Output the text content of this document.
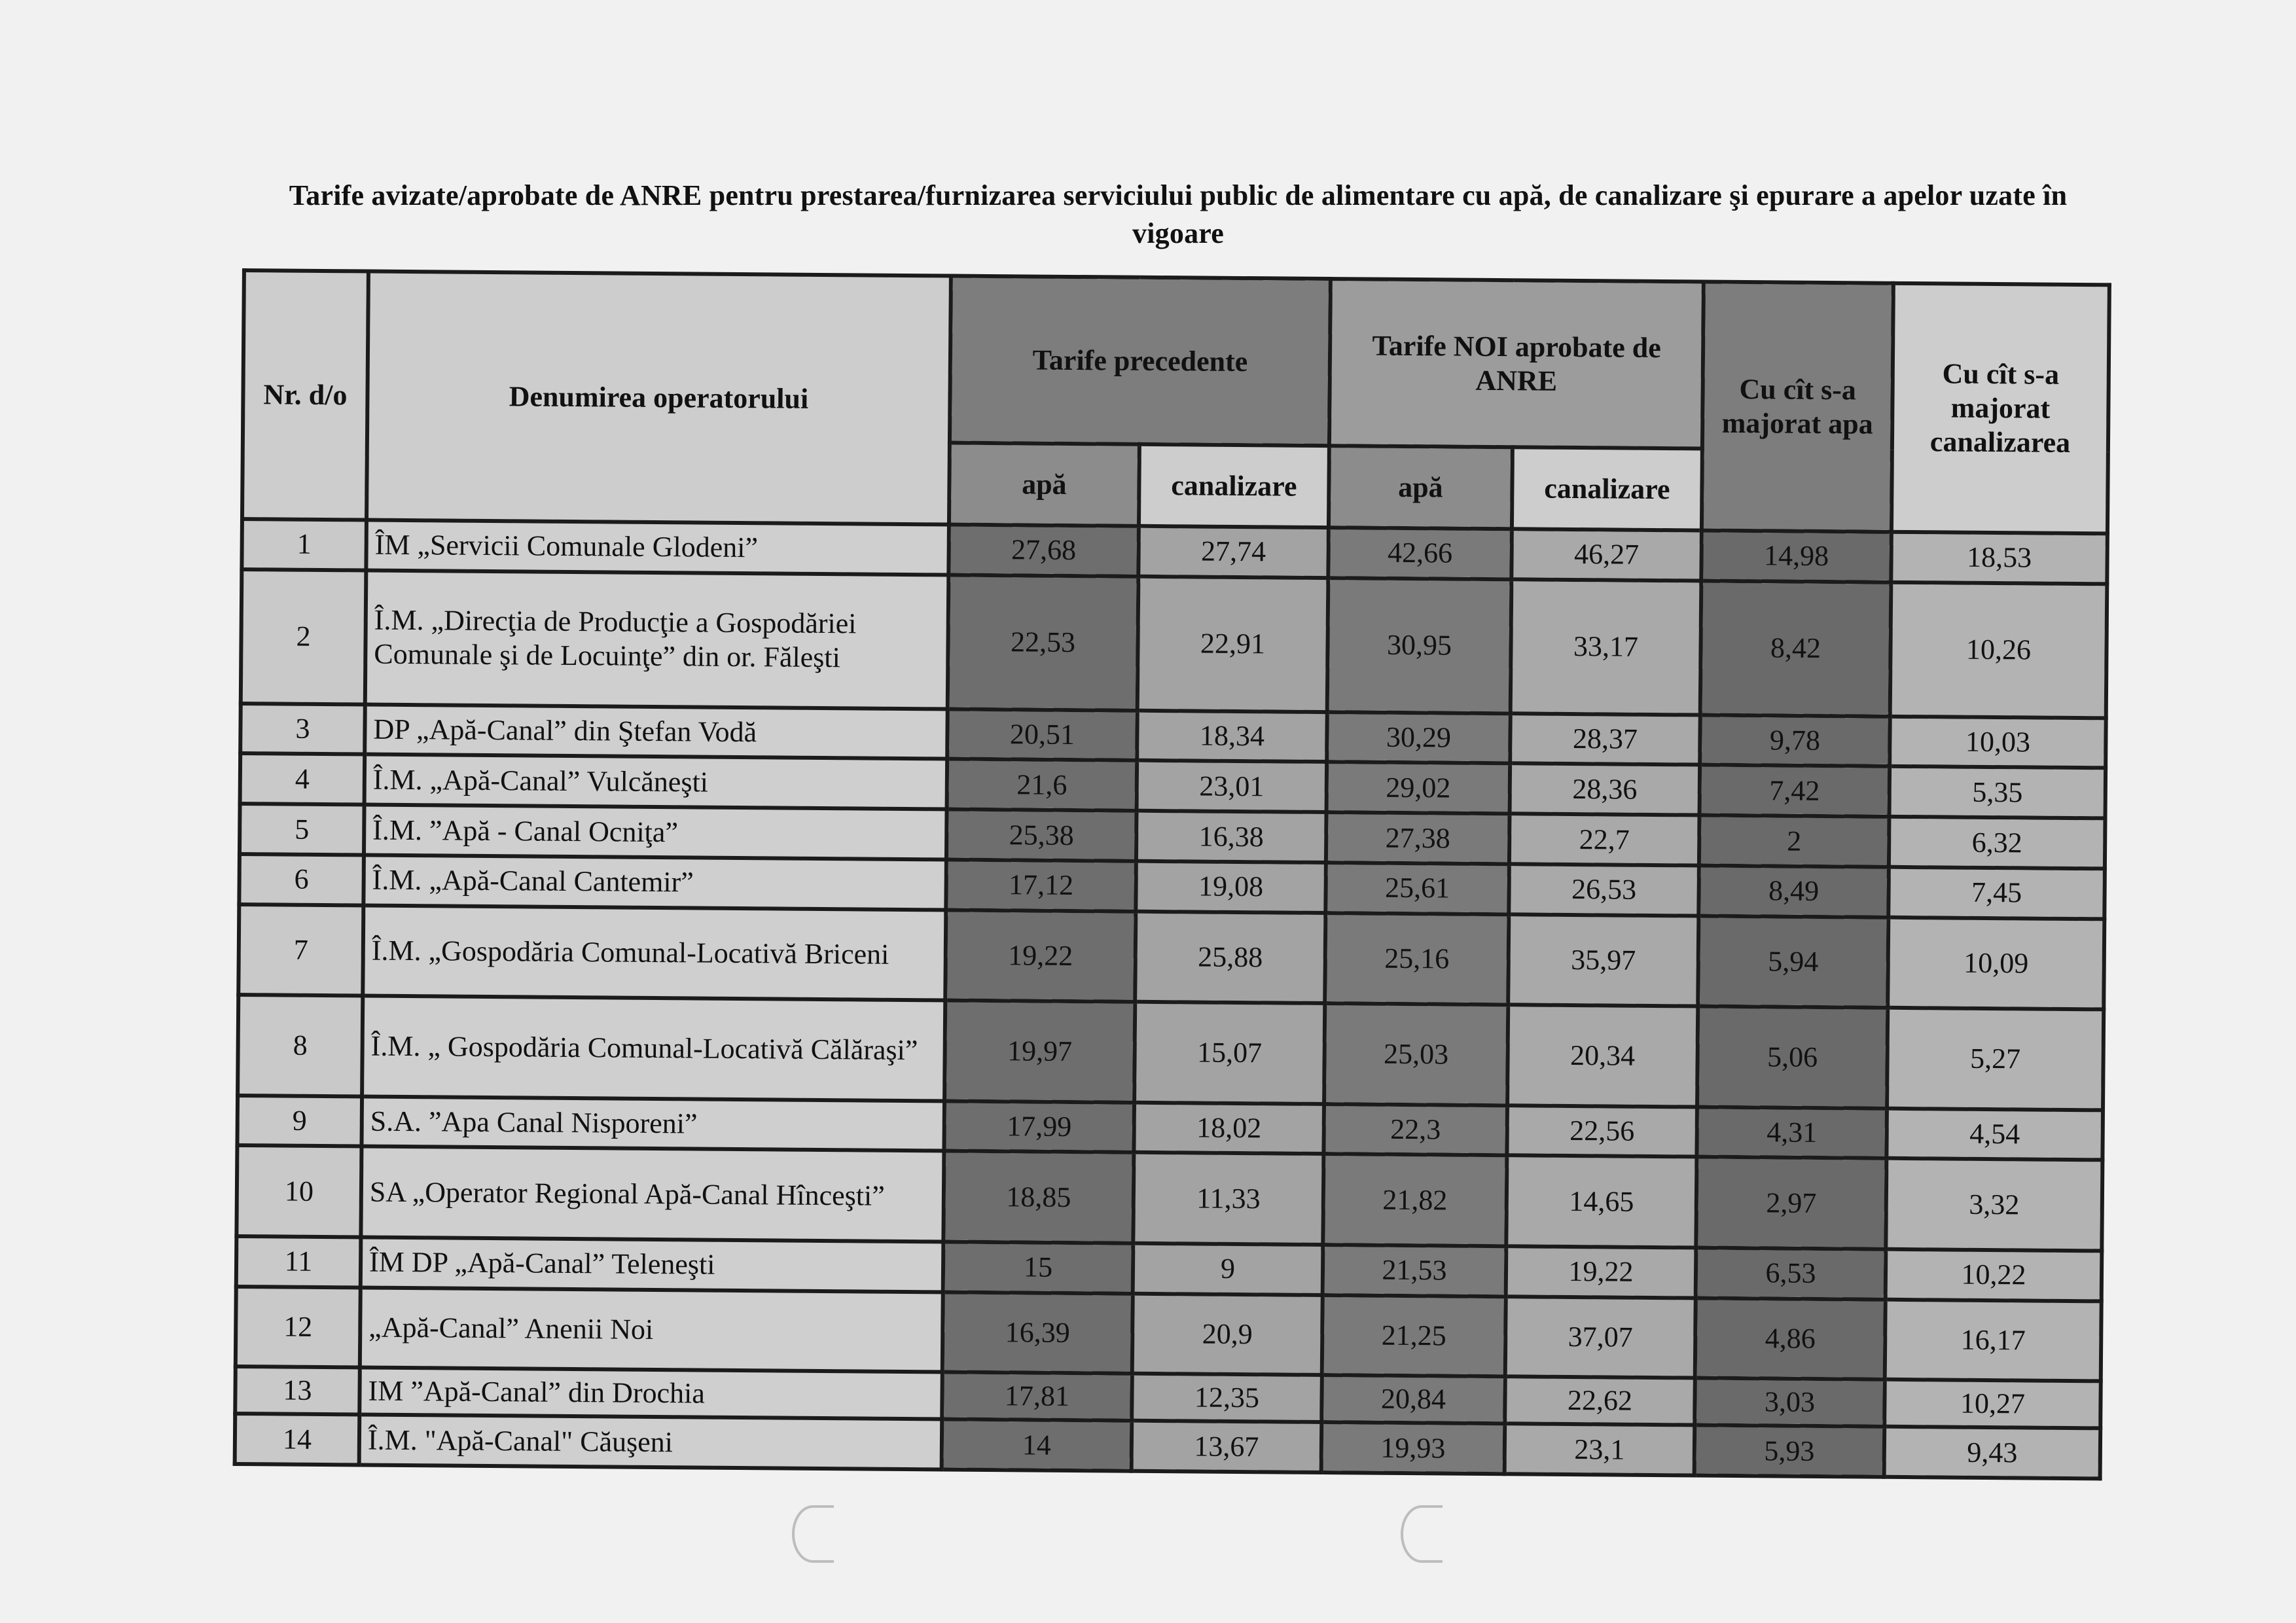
Tarife avizate/aprobate de ANRE pentru prestarea/furnizarea serviciului public de alimentare cu apă, de canalizare şi epurare a apelor uzate în vigoare
Nr. d/o	Denumirea operatorului	Tarife precedente		Tarife NOI aprobate de ANRE		Cu cît s-a majorat apa	Cu cît s-a majorat canalizarea
		apă	canalizare	apă	canalizare		
1	ÎM „Servicii Comunale Glodeni”	27,68	27,74	42,66	46,27	14,98	18,53
2	Î.M. „Direcţia de Producţie a Gospodăriei Comunale şi de Locuinţe” din or. Făleşti	22,53	22,91	30,95	33,17	8,42	10,26
3	DP „Apă-Canal” din Ştefan Vodă	20,51	18,34	30,29	28,37	9,78	10,03
4	Î.M. „Apă-Canal” Vulcăneşti	21,6	23,01	29,02	28,36	7,42	5,35
5	Î.M. ”Apă - Canal Ocniţa”	25,38	16,38	27,38	22,7	2	6,32
6	Î.M. „Apă-Canal Cantemir”	17,12	19,08	25,61	26,53	8,49	7,45
7	Î.M. „Gospodăria Comunal-Locativă Briceni	19,22	25,88	25,16	35,97	5,94	10,09
8	Î.M. „ Gospodăria Comunal-Locativă Călăraşi”	19,97	15,07	25,03	20,34	5,06	5,27
9	S.A. ”Apa Canal Nisporeni”	17,99	18,02	22,3	22,56	4,31	4,54
10	SA „Operator Regional Apă-Canal Hînceşti”	18,85	11,33	21,82	14,65	2,97	3,32
11	ÎM DP „Apă-Canal” Teleneşti	15	9	21,53	19,22	6,53	10,22
12	„Apă-Canal” Anenii Noi	16,39	20,9	21,25	37,07	4,86	16,17
13	IM ”Apă-Canal” din Drochia	17,81	12,35	20,84	22,62	3,03	10,27
14	Î.M. "Apă-Canal" Căuşeni	14	13,67	19,93	23,1	5,93	9,43
